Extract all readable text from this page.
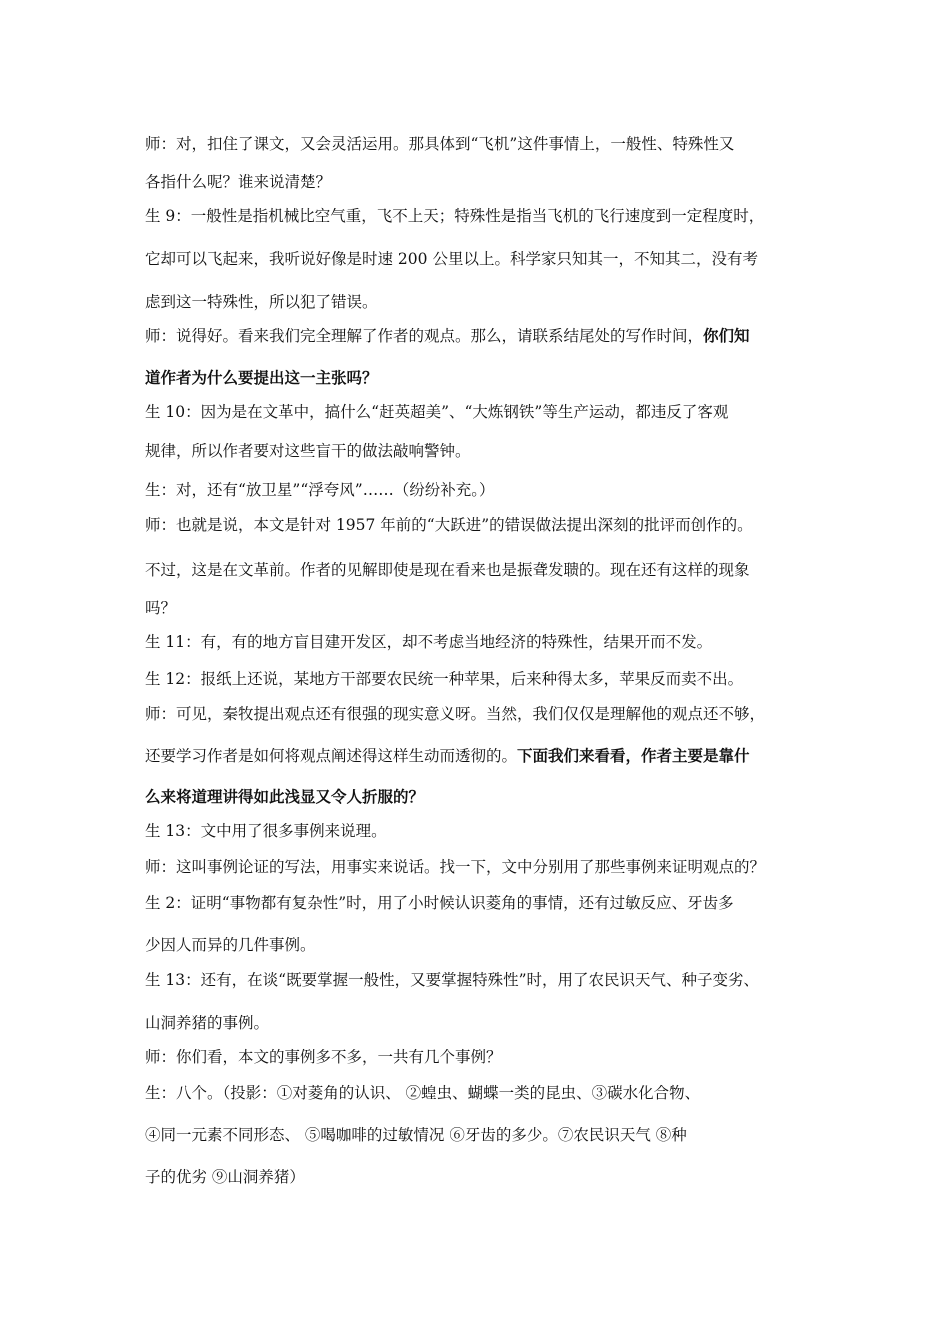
师：对，扣住了课文，又会灵活运用。那具体到“飞机”这件事情上，一般性、特殊性又
各指什么呢？谁来说清楚？
生 9：一般性是指机械比空气重，飞不上天；特殊性是指当飞机的飞行速度到一定程度时，
它却可以飞起来，我听说好像是时速 200 公里以上。科学家只知其一，不知其二，没有考
虑到这一特殊性，所以犯了错误。
师：说得好。看来我们完全理解了作者的观点。那么，请联系结尾处的写作时间，你们知
道作者为什么要提出这一主张吗？
生 10：因为是在文革中，搞什么“赶英超美”、“大炼钢铁”等生产运动，都违反了客观
规律，所以作者要对这些盲干的做法敲响警钟。
生：对，还有“放卫星”“浮夸风”……（纷纷补充。）
师：也就是说，本文是针对 1957 年前的“大跃进”的错误做法提出深刻的批评而创作的。
不过，这是在文革前。作者的见解即使是现在看来也是振聋发聩的。现在还有这样的现象
吗？
生 11：有，有的地方盲目建开发区，却不考虑当地经济的特殊性，结果开而不发。
生 12：报纸上还说，某地方干部要农民统一种苹果，后来种得太多，苹果反而卖不出。
师：可见，秦牧提出观点还有很强的现实意义呀。当然，我们仅仅是理解他的观点还不够，
还要学习作者是如何将观点阐述得这样生动而透彻的。下面我们来看看，作者主要是靠什
么来将道理讲得如此浅显又令人折服的？
生 13：文中用了很多事例来说理。
师：这叫事例论证的写法，用事实来说话。找一下，文中分别用了那些事例来证明观点的？
生 2：证明“事物都有复杂性”时，用了小时候认识菱角的事情，还有过敏反应、牙齿多
少因人而异的几件事例。
生 13：还有，在谈“既要掌握一般性，又要掌握特殊性”时，用了农民识天气、种子变劣、
山洞养猪的事例。
师：你们看，本文的事例多不多，一共有几个事例？
生：八个。（投影：①对菱角的认识、 ②蝗虫、蝴蝶一类的昆虫、③碳水化合物、
④同一元素不同形态、 ⑤喝咖啡的过敏情况 ⑥牙齿的多少。⑦农民识天气 ⑧种
子的优劣 ⑨山洞养猪）
